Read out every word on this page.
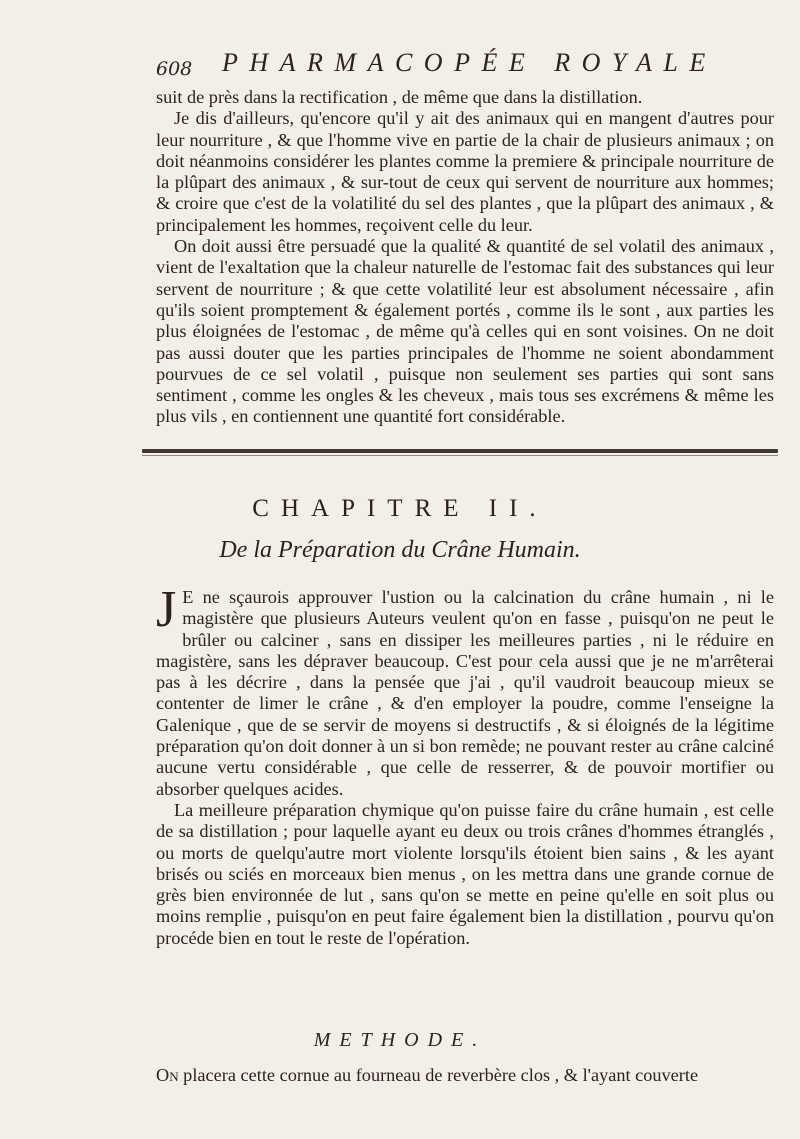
608 PHARMACOPÉE ROYALE

suit de près dans la rectification , de même que dans la distillation.

Je dis d'ailleurs, qu'encore qu'il y ait des animaux qui en mangent d'autres pour leur nourriture , & que l'homme vive en partie de la chair de plusieurs animaux ; on doit néanmoins considérer les plantes comme la premiere & principale nourriture de la plûpart des animaux , & sur-tout de ceux qui servent de nourriture aux hommes; & croire que c'est de la volatilité du sel des plantes , que la plûpart des animaux , & principalement les hommes, reçoivent celle du leur.

On doit aussi être persuadé que la qualité & quantité de sel volatil des animaux , vient de l'exaltation que la chaleur naturelle de l'estomac fait des substances qui leur servent de nourriture ; & que cette volatilité leur est absolument nécessaire , afin qu'ils soient promptement & également portés , comme ils le sont , aux parties les plus éloignées de l'estomac , de même qu'à celles qui en sont voisines. On ne doit pas aussi douter que les parties principales de l'homme ne soient abondamment pourvues de ce sel volatil , puisque non seulement ses parties qui sont sans sentiment , comme les ongles & les cheveux , mais tous ses excrémens & même les plus vils , en contiennent une quantité fort considérable.

CHAPITRE II.
De la Préparation du Crâne Humain.

J E ne sçaurois approuver l'ustion ou la calcination du crâne humain , ni le magistère que plusieurs Auteurs veulent qu'on en fasse , puisqu'on ne peut le brûler ou calciner , sans en dissiper les meilleures parties , ni le réduire en magistère, sans les dépraver beaucoup. C'est pour cela aussi que je ne m'arrêterai pas à les décrire , dans la pensée que j'ai , qu'il vaudroit beaucoup mieux se contenter de limer le crâne , & d'en employer la poudre, comme l'enseigne la Galenique , que de se servir de moyens si destructifs , & si éloignés de la légitime préparation qu'on doit donner à un si bon remède; ne pouvant rester au crâne calciné aucune vertu considérable , que celle de resserrer, & de pouvoir mortifier ou absorber quelques acides.

La meilleure préparation chymique qu'on puisse faire du crâne humain , est celle de sa distillation ; pour laquelle ayant eu deux ou trois crânes d'hommes étranglés , ou morts de quelqu'autre mort violente lorsqu'ils étoient bien sains , & les ayant brisés ou sciés en morceaux bien menus , on les mettra dans une grande cornue de grès bien environnée de lut , sans qu'on se mette en peine qu'elle en soit plus ou moins remplie , puisqu'on en peut faire également bien la distillation , pourvu qu'on procéde bien en tout le reste de l'opération.

METHODE.
On placera cette cornue au fourneau de reverbère clos , & l'ayant couverte
